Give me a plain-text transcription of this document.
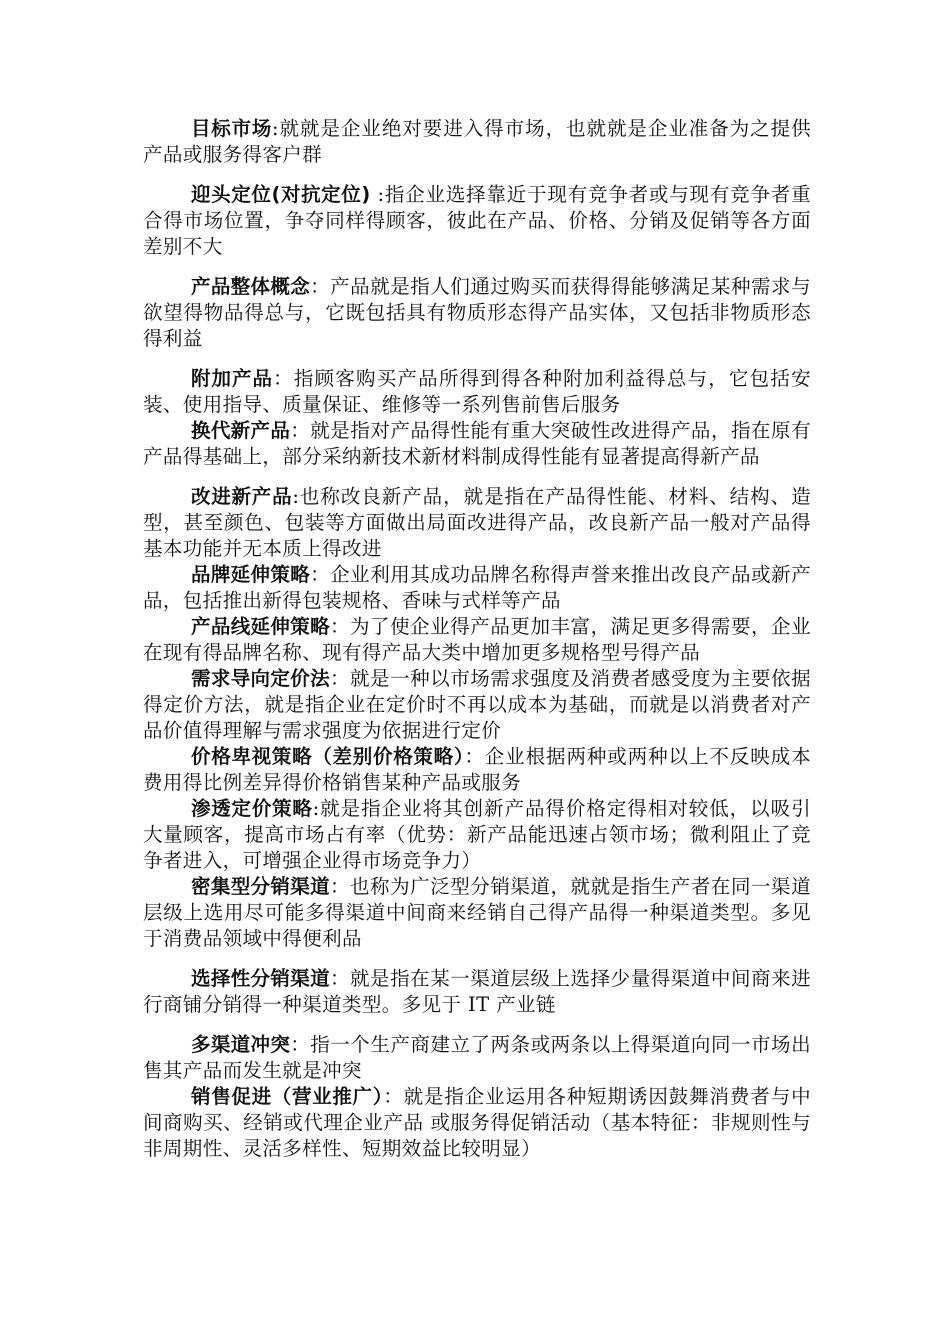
目标市场:就就是企业绝对要进入得市场，也就就是企业准备为之提供产品或服务得客户群

迎头定位(对抗定位) :指企业选择靠近于现有竞争者或与现有竞争者重合得市场位置，争夺同样得顾客，彼此在产品、价格、分销及促销等各方面差别不大

产品整体概念：产品就是指人们通过购买而获得得能够满足某种需求与欲望得物品得总与，它既包括具有物质形态得产品实体，又包括非物质形态得利益

附加产品：指顾客购买产品所得到得各种附加利益得总与，它包括安装、使用指导、质量保证、维修等一系列售前售后服务

换代新产品：就是指对产品得性能有重大突破性改进得产品，指在原有产品得基础上，部分采纳新技术新材料制成得性能有显著提高得新产品

改进新产品:也称改良新产品，就是指在产品得性能、材料、结构、造型，甚至颜色、包装等方面做出局面改进得产品，改良新产品一般对产品得基本功能并无本质上得改进

品牌延伸策略：企业利用其成功品牌名称得声誉来推出改良产品或新产品，包括推出新得包装规格、香味与式样等产品

产品线延伸策略：为了使企业得产品更加丰富，满足更多得需要，企业在现有得品牌名称、现有得产品大类中增加更多规格型号得产品

需求导向定价法：就是一种以市场需求强度及消费者感受度为主要依据得定价方法，就是指企业在定价时不再以成本为基础，而就是以消费者对产品价值得理解与需求强度为依据进行定价

价格卑视策略（差别价格策略）：企业根据两种或两种以上不反映成本费用得比例差异得价格销售某种产品或服务

渗透定价策略:就是指企业将其创新产品得价格定得相对较低，以吸引大量顾客，提高市场占有率（优势：新产品能迅速占领市场；微利阻止了竞争者进入，可增强企业得市场竞争力）

密集型分销渠道：也称为广泛型分销渠道，就就是指生产者在同一渠道层级上选用尽可能多得渠道中间商来经销自己得产品得一种渠道类型。多见于消费品领域中得便利品

选择性分销渠道：就是指在某一渠道层级上选择少量得渠道中间商来进行商铺分销得一种渠道类型。多见于 IT 产业链

多渠道冲突：指一个生产商建立了两条或两条以上得渠道向同一市场出售其产品而发生就是冲突

销售促进（营业推广）：就是指企业运用各种短期诱因鼓舞消费者与中间商购买、经销或代理企业产品 或服务得促销活动（基本特征：非规则性与非周期性、灵活多样性、短期效益比较明显）
